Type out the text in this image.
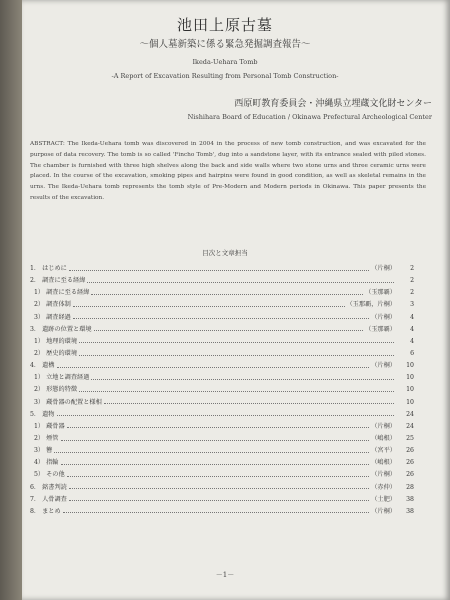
池田上原古墓
～個人墓新築に係る緊急発掘調査報告～
Ikeda-Uehara Tomb
-A Report of Excavation Resulting from Personal Tomb Construction-
西原町教育委員会・沖縄県立埋蔵文化財センター
Nishihara Board of Education / Okinawa Prefectural Archeological Center
ABSTRACT: The Ikeda-Uehara tomb was discovered in 2004 in the process of new tomb construction, and was excavated for the purpose of data recovery. The tomb is so called 'Fincho Tomb', dug into a sandstone layer, with its entrance sealed with piled stones. The chamber is furnished with three high shelves along the back and side walls where two stone urns and three ceramic urns were placed. In the course of the excavation, smoking pipes and hairpins were found in good condition, as well as skeletal remains in the urns. The Ikeda-Uehara tomb represents the tomb style of Pre-Modern and Modern periods in Okinawa. This paper presents the results of the excavation.
目次と文章担当
1． はじめに	（片桐）	2
2． 調査に至る経緯	2
1） 調査に至る経緯	（玉那覇）	2
2） 調査体制	（玉那覇，片桐）	3
3） 調査経過	（片桐）	4
3． 遺跡の位置と環境	（玉那覇）	4
1） 地理的環境	4
2） 歴史的環境	6
4． 遺構	（片桐）	10
1） 立地と調査経過	10
2） 形態的特徴	10
3） 蔵骨器の配置と様相	10
5． 遺物	24
1） 蔵骨器	（片桐）	24
2） 煙管	（嶋根）	25
3） 簪	（宮平）	26
4） 指輪	（嶋根）	26
5） その他	（片桐）	26
6． 銘書判読	（赤仲）	28
7． 人骨調査	（土肥）	38
8． まとめ	（片桐）	38
－1－
